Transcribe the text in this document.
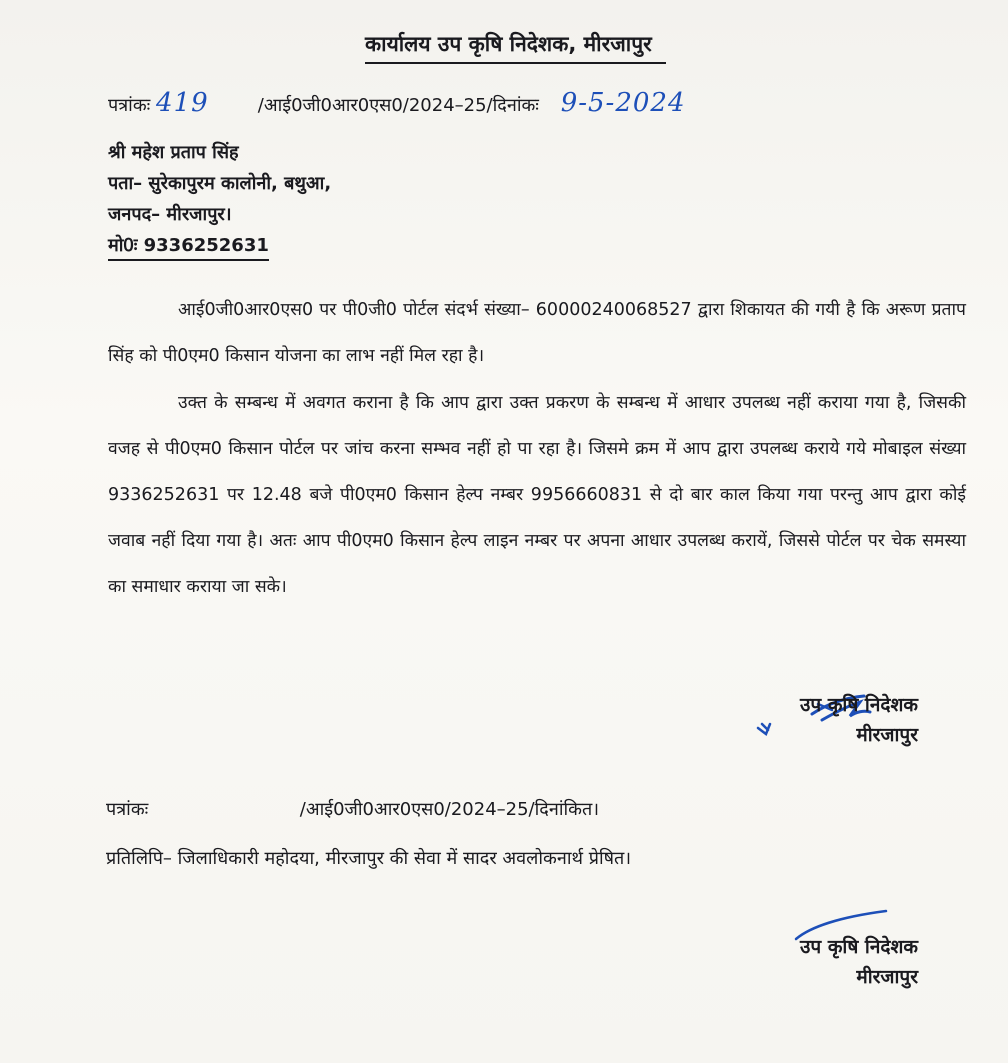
कार्यालय उप कृषि निदेशक, मीरजापुर
पत्रांकः 419	/आई0जी0आर0एस0/2024–25/दिनांकः 9-5-2024
श्री महेश प्रताप सिंह
पता– सुरेकापुरम कालोनी, बथुआ,
जनपद– मीरजापुर।
मो0ः 9336252631

आई0जी0आर0एस0 पर पी0जी0 पोर्टल संदर्भ संख्या– 60000240068527 द्वारा शिकायत की गयी है कि अरूण प्रताप सिंह को पी0एम0 किसान योजना का लाभ नहीं मिल रहा है।

उक्त के सम्बन्ध में अवगत कराना है कि आप द्वारा उक्त प्रकरण के सम्बन्ध में आधार उपलब्ध नहीं कराया गया है, जिसकी वजह से पी0एम0 किसान पोर्टल पर जांच करना सम्भव नहीं हो पा रहा है। जिसमे क्रम में आप द्वारा उपलब्ध कराये गये मोबाइल संख्या 9336252631 पर 12.48 बजे पी0एम0 किसान हेल्प नम्बर 9956660831 से दो बार काल किया गया परन्तु आप द्वारा कोई जवाब नहीं दिया गया है। अतः आप पी0एम0 किसान हेल्प लाइन नम्बर पर अपना आधार उपलब्ध करायें, जिससे पोर्टल पर चेक समस्या का समाधार कराया जा सके।

उप कृषि निदेशक
मीरजापुर
पत्रांकः	/आई0जी0आर0एस0/2024–25/दिनांकित।
प्रतिलिपि– जिलाधिकारी महोदया, मीरजापुर की सेवा में सादर अवलोकनार्थ प्रेषित।
उप कृषि निदेशक
मीरजापुर
